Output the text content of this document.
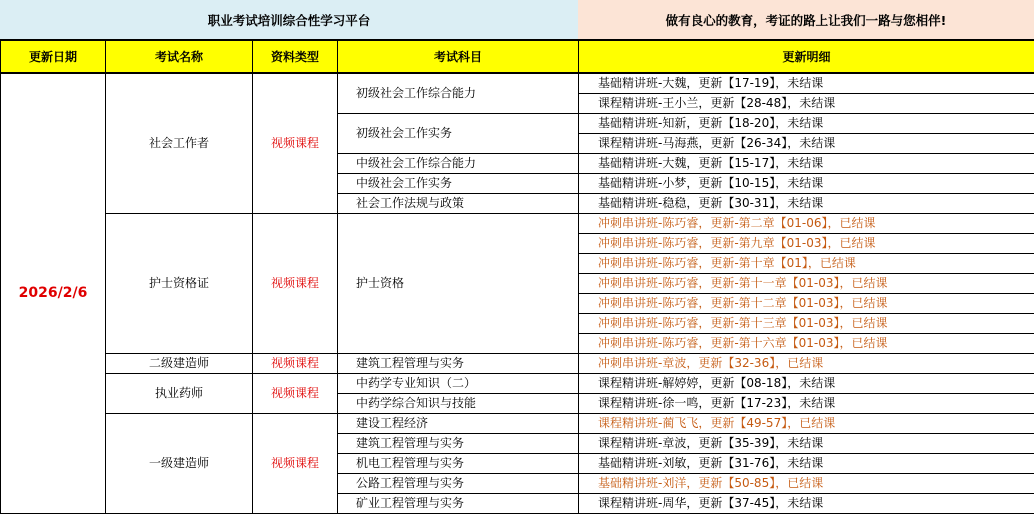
职业考试培训综合性学习平台	做有良心的教育，考证的路上让我们一路与您相伴!
更新日期	考试名称	资料类型	考试科目	更新明细
2026/2/6	社会工作者	视频课程	初级社会工作综合能力	基础精讲班-大魏，更新【17-19】，未结课
				课程精讲班-王小兰，更新【28-48】，未结课
			初级社会工作实务	基础精讲班-知新，更新【18-20】，未结课
				课程精讲班-马海燕，更新【26-34】，未结课
			中级社会工作综合能力	基础精讲班-大魏，更新【15-17】，未结课
			中级社会工作实务	基础精讲班-小梦，更新【10-15】，未结课
			社会工作法规与政策	基础精讲班-稳稳，更新【30-31】，未结课
	护士资格证	视频课程	护士资格	冲刺串讲班-陈巧睿，更新-第二章【01-06】，已结课
				冲刺串讲班-陈巧睿，更新-第九章【01-03】，已结课
				冲刺串讲班-陈巧睿，更新-第十章【01】，已结课
				冲刺串讲班-陈巧睿，更新-第十一章【01-03】，已结课
				冲刺串讲班-陈巧睿，更新-第十二章【01-03】，已结课
				冲刺串讲班-陈巧睿，更新-第十三章【01-03】，已结课
				冲刺串讲班-陈巧睿，更新-第十六章【01-03】，已结课
	二级建造师	视频课程	建筑工程管理与实务	冲刺串讲班-章波，更新【32-36】，已结课
	执业药师	视频课程	中药学专业知识（二）	课程精讲班-解婷婷，更新【08-18】，未结课
			中药学综合知识与技能	课程精讲班-徐一鸣，更新【17-23】，未结课
	一级建造师	视频课程	建设工程经济	课程精讲班-蔺飞飞，更新【49-57】，已结课
			建筑工程管理与实务	课程精讲班-章波，更新【35-39】，未结课
			机电工程管理与实务	基础精讲班-刘敏，更新【31-76】，未结课
			公路工程管理与实务	基础精讲班-刘洋，更新【50-85】，已结课
			矿业工程管理与实务	课程精讲班-周华，更新【37-45】，未结课
